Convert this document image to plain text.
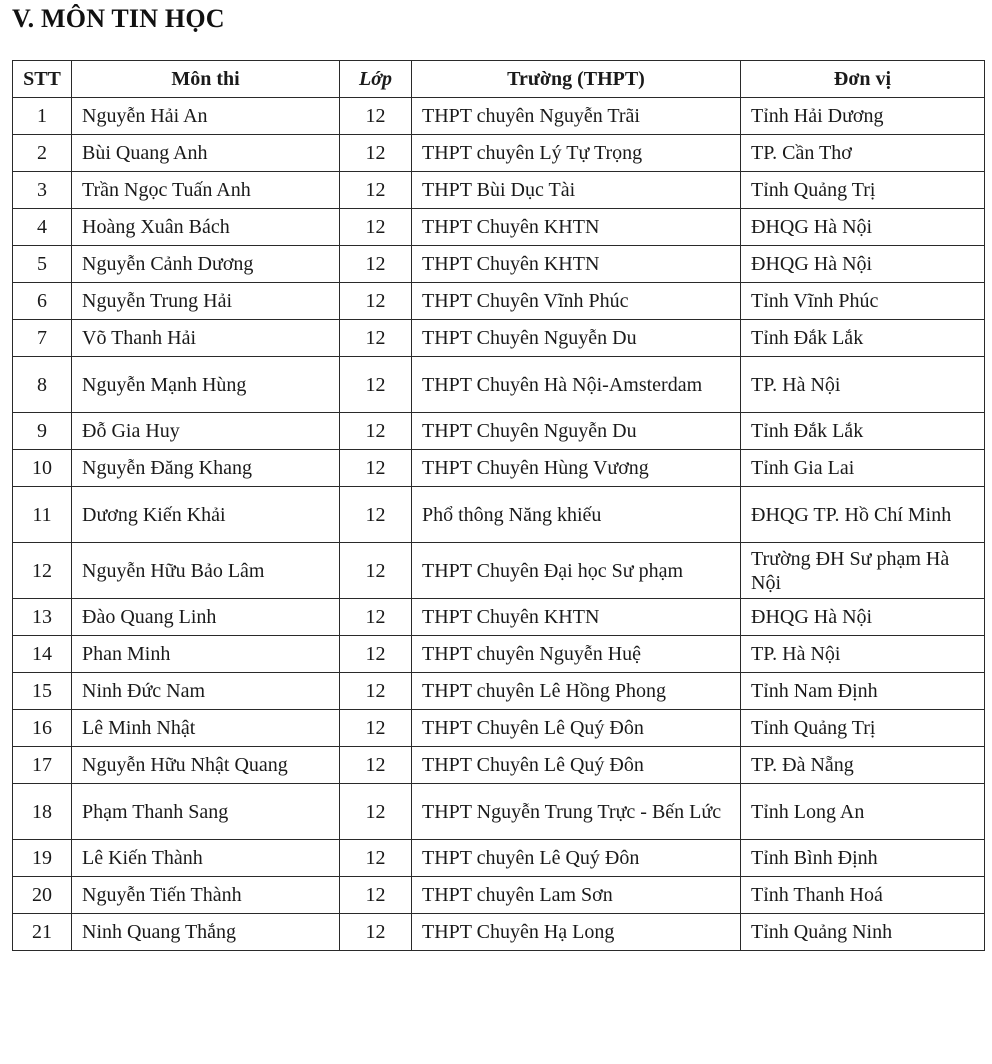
V. MÔN TIN HỌC
STT	Môn thi	Lớp	Trường (THPT)	Đơn vị
1	Nguyễn Hải An	12	THPT chuyên Nguyễn Trãi	Tỉnh Hải Dương
2	Bùi Quang Anh	12	THPT chuyên Lý Tự Trọng	TP. Cần Thơ
3	Trần Ngọc Tuấn Anh	12	THPT Bùi Dục Tài	Tỉnh Quảng Trị
4	Hoàng Xuân Bách	12	THPT Chuyên KHTN	ĐHQG Hà Nội
5	Nguyễn Cảnh Dương	12	THPT Chuyên KHTN	ĐHQG Hà Nội
6	Nguyễn Trung Hải	12	THPT Chuyên Vĩnh Phúc	Tỉnh Vĩnh Phúc
7	Võ Thanh Hải	12	THPT Chuyên Nguyễn Du	Tỉnh Đắk Lắk
8	Nguyễn Mạnh Hùng	12	THPT Chuyên Hà Nội-Amsterdam	TP. Hà Nội
9	Đỗ Gia Huy	12	THPT Chuyên Nguyễn Du	Tỉnh Đắk Lắk
10	Nguyễn Đăng Khang	12	THPT Chuyên Hùng Vương	Tỉnh Gia Lai
11	Dương Kiến Khải	12	Phổ thông Năng khiếu	ĐHQG TP. Hồ Chí Minh
12	Nguyễn Hữu Bảo Lâm	12	THPT Chuyên Đại học Sư phạm	Trường ĐH Sư phạm Hà Nội
13	Đào Quang Linh	12	THPT Chuyên KHTN	ĐHQG Hà Nội
14	Phan Minh	12	THPT chuyên Nguyễn Huệ	TP. Hà Nội
15	Ninh Đức Nam	12	THPT chuyên Lê Hồng Phong	Tỉnh Nam Định
16	Lê Minh Nhật	12	THPT Chuyên Lê Quý Đôn	Tỉnh Quảng Trị
17	Nguyễn Hữu Nhật Quang	12	THPT Chuyên Lê Quý Đôn	TP. Đà Nẵng
18	Phạm Thanh Sang	12	THPT Nguyễn Trung Trực - Bến Lức	Tỉnh Long An
19	Lê Kiến Thành	12	THPT chuyên Lê Quý Đôn	Tỉnh Bình Định
20	Nguyễn Tiến Thành	12	THPT chuyên Lam Sơn	Tỉnh Thanh Hoá
21	Ninh Quang Thắng	12	THPT Chuyên Hạ Long	Tỉnh Quảng Ninh
